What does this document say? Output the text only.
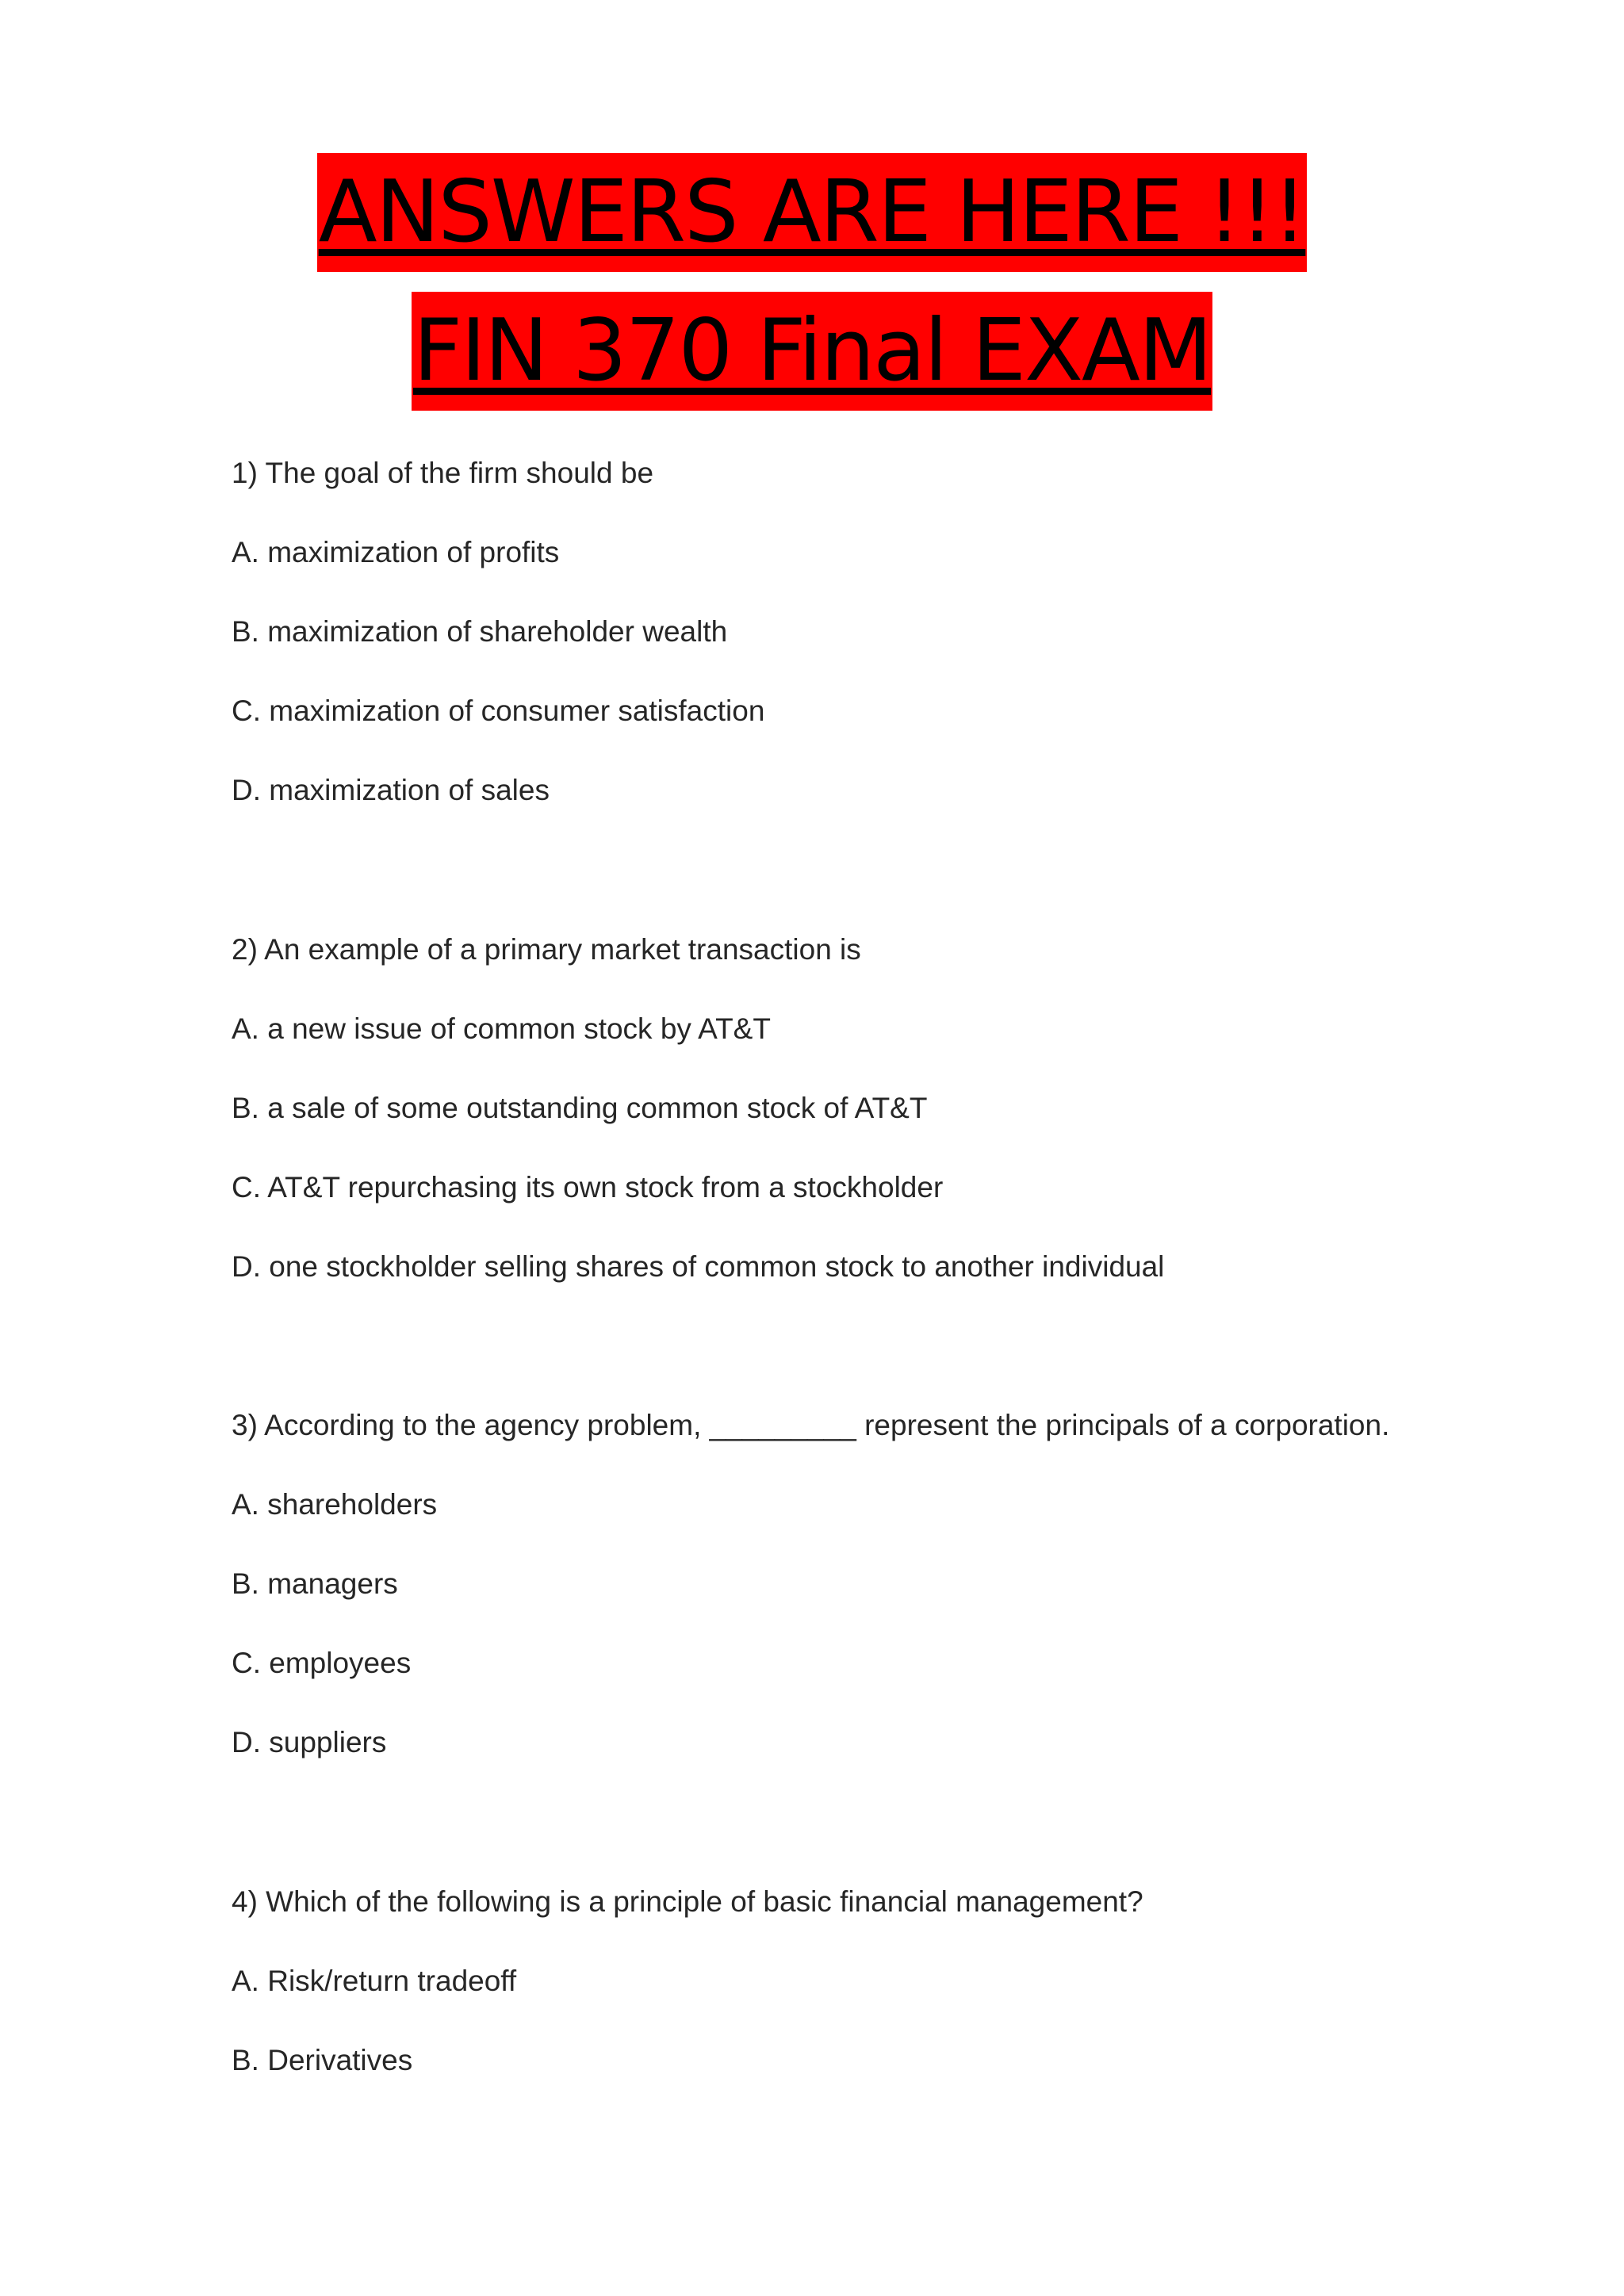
ANSWERS ARE HERE !!!
FIN 370 Final EXAM
1) The goal of the firm should be
A. maximization of profits
B. maximization of shareholder wealth
C. maximization of consumer satisfaction
D. maximization of sales
2) An example of a primary market transaction is
A. a new issue of common stock by AT&T
B. a sale of some outstanding common stock of AT&T
C. AT&T repurchasing its own stock from a stockholder
D. one stockholder selling shares of common stock to another individual
3) According to the agency problem, _________ represent the principals of a corporation.
A. shareholders
B. managers
C. employees
D. suppliers
4) Which of the following is a principle of basic financial management?
A. Risk/return tradeoff
B. Derivatives
